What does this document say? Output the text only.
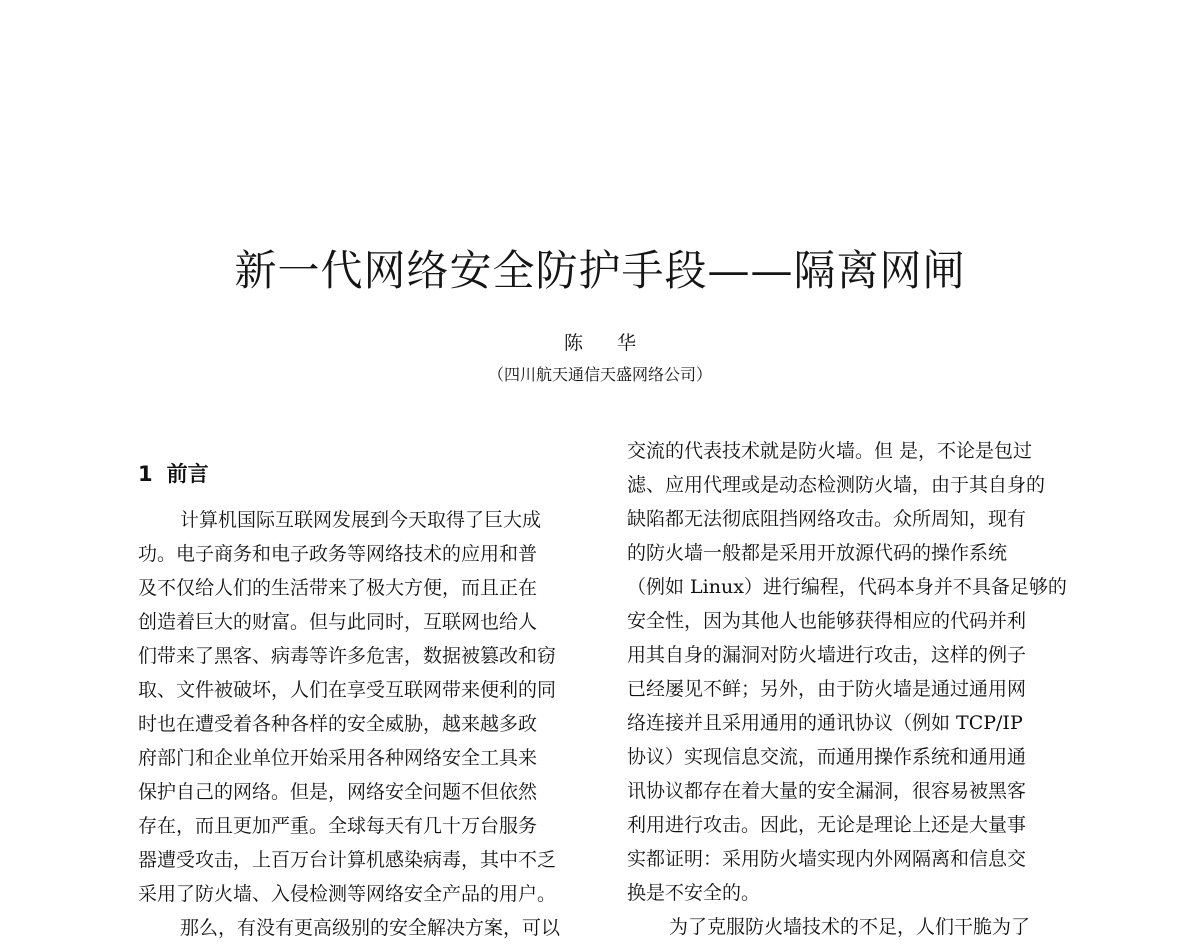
新一代网络安全防护手段——隔离网闸
陈 华
（四川航天通信天盛网络公司）
1 前言
计算机国际互联网发展到今天取得了巨大成
功。电子商务和电子政务等网络技术的应用和普
及不仅给人们的生活带来了极大方便，而且正在
创造着巨大的财富。但与此同时，互联网也给人
们带来了黑客、病毒等许多危害，数据被篡改和窃
取、文件被破坏，人们在享受互联网带来便利的同
时也在遭受着各种各样的安全威胁，越来越多政
府部门和企业单位开始采用各种网络安全工具来
保护自己的网络。但是，网络安全问题不但依然
存在，而且更加严重。全球每天有几十万台服务
器遭受攻击，上百万台计算机感染病毒，其中不乏
采用了防火墙、入侵检测等网络安全产品的用户。
那么，有没有更高级别的安全解决方案，可以
交流的代表技术就是防火墙。但 是，不论是包过
滤、应用代理或是动态检测防火墙，由于其自身的
缺陷都无法彻底阻挡网络攻击。众所周知，现有
的防火墙一般都是采用开放源代码的操作系统
（例如 Linux）进行编程，代码本身并不具备足够的
安全性，因为其他人也能够获得相应的代码并利
用其自身的漏洞对防火墙进行攻击，这样的例子
已经屡见不鲜；另外，由于防火墙是通过通用网
络连接并且采用通用的通讯协议（例如 TCP/IP
协议）实现信息交流，而通用操作系统和通用通
讯协议都存在着大量的安全漏洞，很容易被黑客
利用进行攻击。因此，无论是理论上还是大量事
实都证明：采用防火墙实现内外网隔离和信息交
换是不安全的。
为了克服防火墙技术的不足，人们干脆为了
